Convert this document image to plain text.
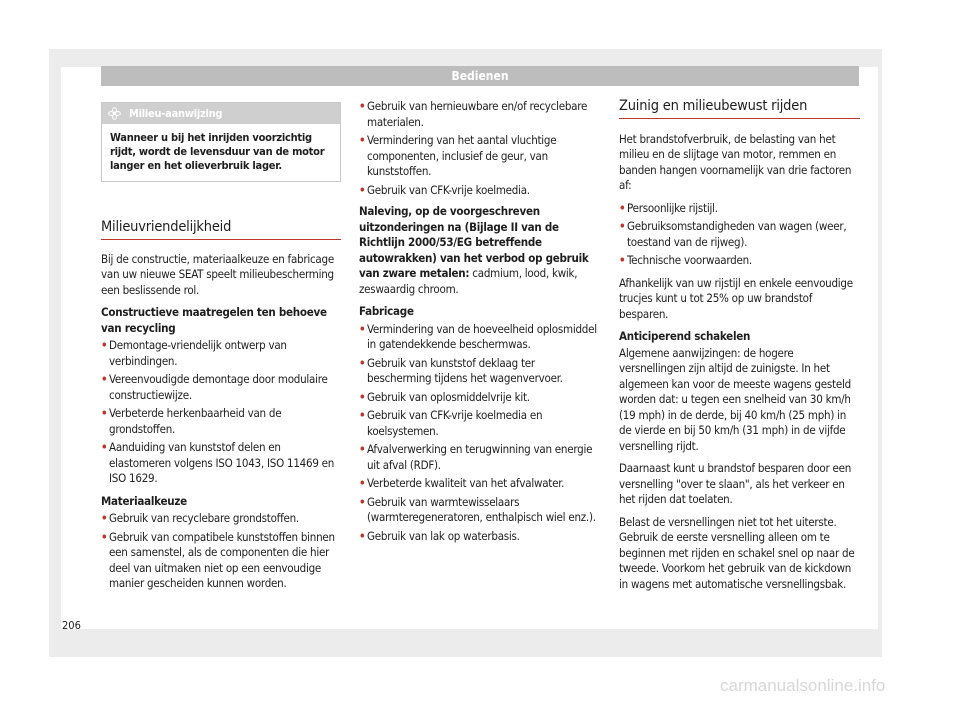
Bedienen
Milieu-aanwijzing
Wanneer u bij het inrijden voorzichtig rijdt, wordt de levensduur van de motor langer en het olieverbruik lager.
Milieuvriendelijkheid

Bij de constructie, materiaalkeuze en fabricage van uw nieuwe SEAT speelt milieubescherming een beslissende rol.

Constructieve maatregelen ten behoeve van recycling

• Demontage-vriendelijk ontwerp van verbindingen.
• Vereenvoudigde demontage door modulaire constructiewijze.
• Verbeterde herkenbaarheid van de grondstoffen.
• Aanduiding van kunststof delen en elastomeren volgens ISO 1043, ISO 11469 en ISO 1629.

Materiaalkeuze

• Gebruik van recyclebare grondstoffen.
• Gebruik van compatibele kunststoffen binnen een samenstel, als de componenten die hier deel van uitmaken niet op een eenvoudige manier gescheiden kunnen worden.
• Gebruik van hernieuwbare en/of recyclebare materialen.
• Vermindering van het aantal vluchtige componenten, inclusief de geur, van kunststoffen.
• Gebruik van CFK-vrije koelmedia.

Naleving, op de voorgeschreven uitzonderingen na (Bijlage II van de Richtlijn 2000/53/EG betreffende autowrakken) van het verbod op gebruik van zware metalen: cadmium, lood, kwik, zeswaardig chroom.

Fabricage

• Vermindering van de hoeveelheid oplosmiddel in gatendekkende beschermwas.
• Gebruik van kunststof deklaag ter bescherming tijdens het wagenvervoer.
• Gebruik van oplosmiddelvrije kit.
• Gebruik van CFK-vrije koelmedia en koelsystemen.
• Afvalverwerking en terugwinning van energie uit afval (RDF).
• Verbeterde kwaliteit van het afvalwater.
• Gebruik van warmtewisselaars (warmteregeneratoren, enthalpisch wiel enz.).
• Gebruik van lak op waterbasis.
Zuinig en milieubewust rijden

Het brandstofverbruik, de belasting van het milieu en de slijtage van motor, remmen en banden hangen voornamelijk van drie factoren af:

• Persoonlijke rijstijl.
• Gebruiksomstandigheden van wagen (weer, toestand van de rijweg).
• Technische voorwaarden.

Afhankelijk van uw rijstijl en enkele eenvoudige trucjes kunt u tot 25% op uw brandstof besparen.

Anticiperend schakelen

Algemene aanwijzingen: de hogere versnellingen zijn altijd de zuinigste. In het algemeen kan voor de meeste wagens gesteld worden dat: u tegen een snelheid van 30 km/h (19 mph) in de derde, bij 40 km/h (25 mph) in de vierde en bij 50 km/h (31 mph) in de vijfde versnelling rijdt.

Daarnaast kunt u brandstof besparen door een versnelling "over te slaan", als het verkeer en het rijden dat toelaten.

Belast de versnellingen niet tot het uiterste. Gebruik de eerste versnelling alleen om te beginnen met rijden en schakel snel op naar de tweede. Voorkom het gebruik van de kickdown in wagens met automatische versnellingsbak.

206
carmanualsonline.info
